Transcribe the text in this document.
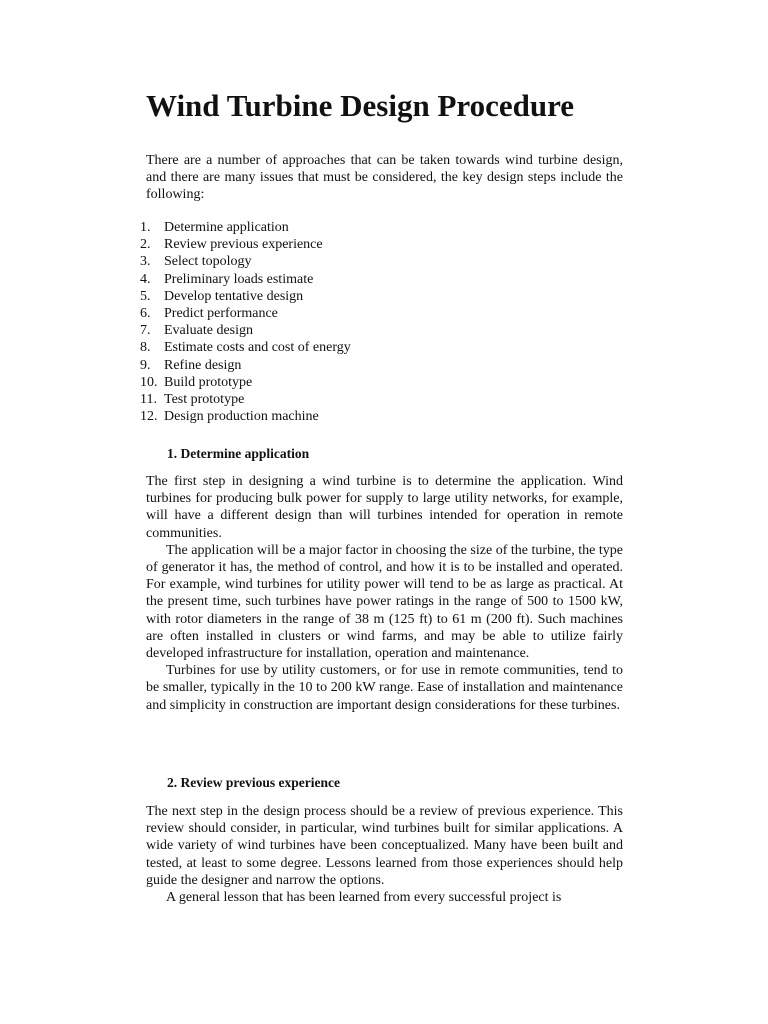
Wind Turbine Design Procedure

There are a number of approaches that can be taken towards wind turbine design, and there are many issues that must be considered, the key design steps include the following:

1. Determine application
2. Review previous experience
3. Select topology
4. Preliminary loads estimate
5. Develop tentative design
6. Predict performance
7. Evaluate design
8. Estimate costs and cost of energy
9. Refine design
10. Build prototype
11. Test prototype
12. Design production machine
1. Determine application

The first step in designing a wind turbine is to determine the application. Wind turbines for producing bulk power for supply to large utility networks, for example, will have a different design than will turbines intended for operation in remote communities.

The application will be a major factor in choosing the size of the turbine, the type of generator it has, the method of control, and how it is to be installed and operated. For example, wind turbines for utility power will tend to be as large as practical. At the present time, such turbines have power ratings in the range of 500 to 1500 kW, with rotor diameters in the range of 38 m (125 ft) to 61 m (200 ft). Such machines are often installed in clusters or wind farms, and may be able to utilize fairly developed infrastructure for installation, operation and maintenance.

Turbines for use by utility customers, or for use in remote communities, tend to be smaller, typically in the 10 to 200 kW range. Ease of installation and maintenance and simplicity in construction are important design considerations for these turbines.

2. Review previous experience

The next step in the design process should be a review of previous experience. This review should consider, in particular, wind turbines built for similar applications. A wide variety of wind turbines have been conceptualized. Many have been built and tested, at least to some degree. Lessons learned from those experiences should help guide the designer and narrow the options.

A general lesson that has been learned from every successful project is
